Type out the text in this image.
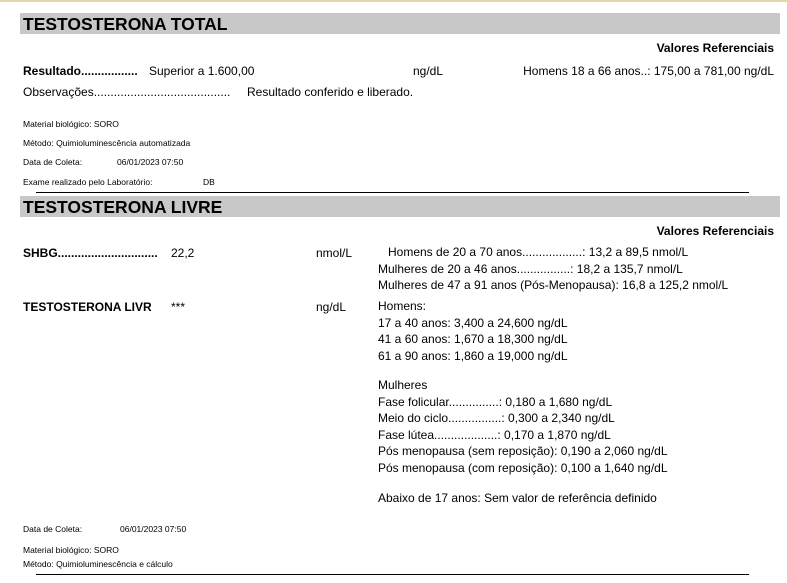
TESTOSTERONA TOTAL
Valores Referenciais
Resultado................. Superior a 1.600,00	ng/dL	Homens 18 a 66 anos..: 175,00 a 781,00 ng/dL
Observações......................................... Resultado conferido e liberado.
Material biológico: SORO
Método: Quimioluminescência automatizada
Data de Coleta:	06/01/2023 07:50
Exame realizado pelo Laboratório:	DB
TESTOSTERONA LIVRE
Valores Referenciais
SHBG.............................. 22,2	nmol/L	Homens de 20 a 70 anos..................: 13,2 a 89,5 nmol/L
Mulheres de 20 a 46 anos................: 18,2 a 135,7 nmol/L
Mulheres de 47 a 91 anos (Pós-Menopausa): 16,8 a 125,2 nmol/L
TESTOSTERONA LIVR ***	ng/dL	Homens:
17 a 40 anos: 3,400 a 24,600 ng/dL
41 a 60 anos: 1,670 a 18,300 ng/dL
61 a 90 anos: 1,860 a 19,000 ng/dL
Mulheres
Fase folicular...............: 0,180 a 1,680 ng/dL
Meio do ciclo................: 0,300 a 2,340 ng/dL
Fase lútea...................: 0,170 a 1,870 ng/dL
Pós menopausa (sem reposição): 0,190 a 2,060 ng/dL
Pós menopausa (com reposição): 0,100 a 1,640 ng/dL
Abaixo de 17 anos: Sem valor de referência definido
Data de Coleta:	06/01/2023 07:50
Material biológico: SORO
Método: Quimioluminescência e cálculo
